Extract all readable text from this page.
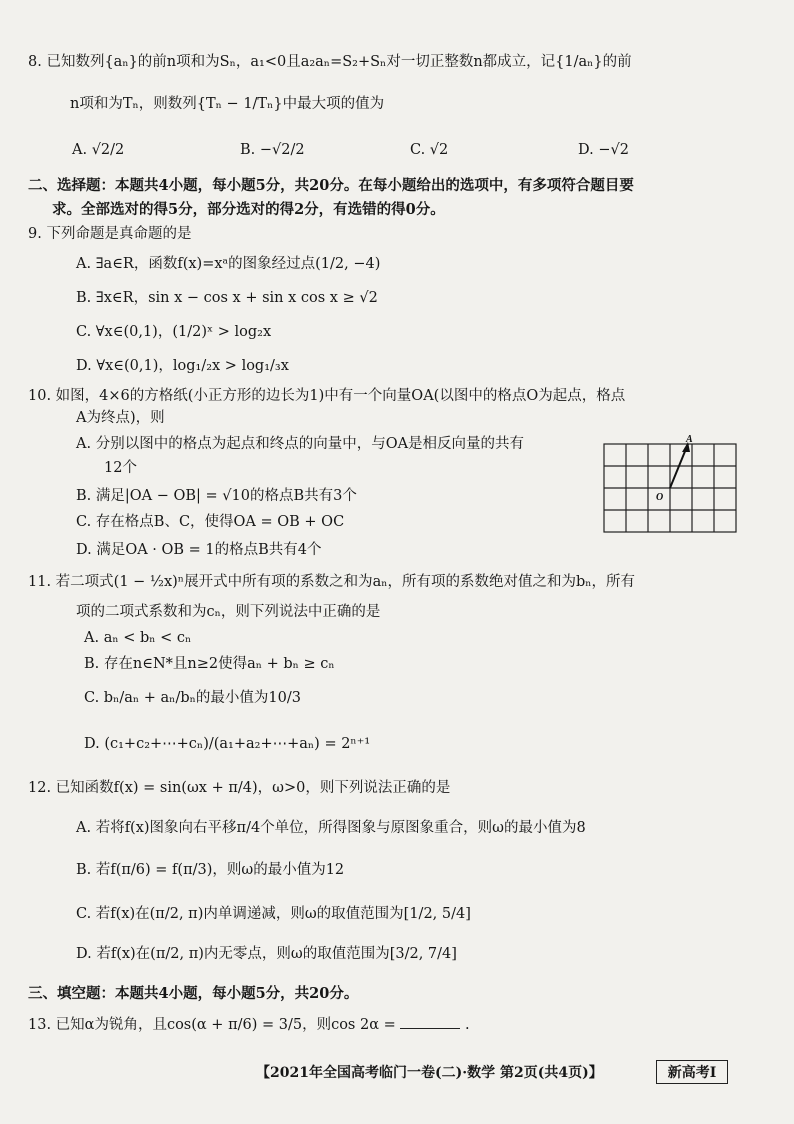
8. 已知数列{aₙ}的前n项和为Sₙ，a₁<0且a₂aₙ=S₂+Sₙ对一切正整数n都成立，记{1/aₙ}的前
n项和为Tₙ，则数列{Tₙ − 1/Tₙ}中最大项的值为
A. √2/2	B. −√2/2	C. √2	D. −√2
二、选择题：本题共4小题，每小题5分，共20分。在每小题给出的选项中，有多项符合题目要
求。全部选对的得5分，部分选对的得2分，有选错的得0分。
9. 下列命题是真命题的是
A. ∃a∈R，函数f(x)=xᵃ的图象经过点(1/2, −4)
B. ∃x∈R，sin x − cos x + sin x cos x ≥ √2
C. ∀x∈(0,1)，(1/2)ˣ > log₂x
D. ∀x∈(0,1)，log₁/₂x > log₁/₃x
10. 如图，4×6的方格纸(小正方形的边长为1)中有一个向量OA(以图中的格点O为起点，格点
A为终点)，则
A. 分别以图中的格点为起点和终点的向量中，与OA是相反向量的共有
12个
B. 满足|OA − OB| = √10的格点B共有3个
C. 存在格点B、C，使得OA = OB + OC
D. 满足OA · OB = 1的格点B共有4个
A
O
11. 若二项式(1 − ½x)ⁿ展开式中所有项的系数之和为aₙ，所有项的系数绝对值之和为bₙ，所有
项的二项式系数和为cₙ，则下列说法中正确的是
A. aₙ < bₙ < cₙ
B. 存在n∈N*且n≥2使得aₙ + bₙ ≥ cₙ
C. bₙ/aₙ + aₙ/bₙ的最小值为10/3
D. (c₁+c₂+⋯+cₙ)/(a₁+a₂+⋯+aₙ) = 2ⁿ⁺¹
12. 已知函数f(x) = sin(ωx + π/4)，ω>0，则下列说法正确的是
A. 若将f(x)图象向右平移π/4个单位，所得图象与原图象重合，则ω的最小值为8
B. 若f(π/6) = f(π/3)，则ω的最小值为12
C. 若f(x)在(π/2, π)内单调递减，则ω的取值范围为[1/2, 5/4]
D. 若f(x)在(π/2, π)内无零点，则ω的取值范围为[3/2, 7/4]
三、填空题：本题共4小题，每小题5分，共20分。
13. 已知α为锐角，且cos(α + π/6) = 3/5，则cos 2α =	.
【2021年全国高考临门一卷(二)·数学 第2页(共4页)】	新高考Ⅰ
